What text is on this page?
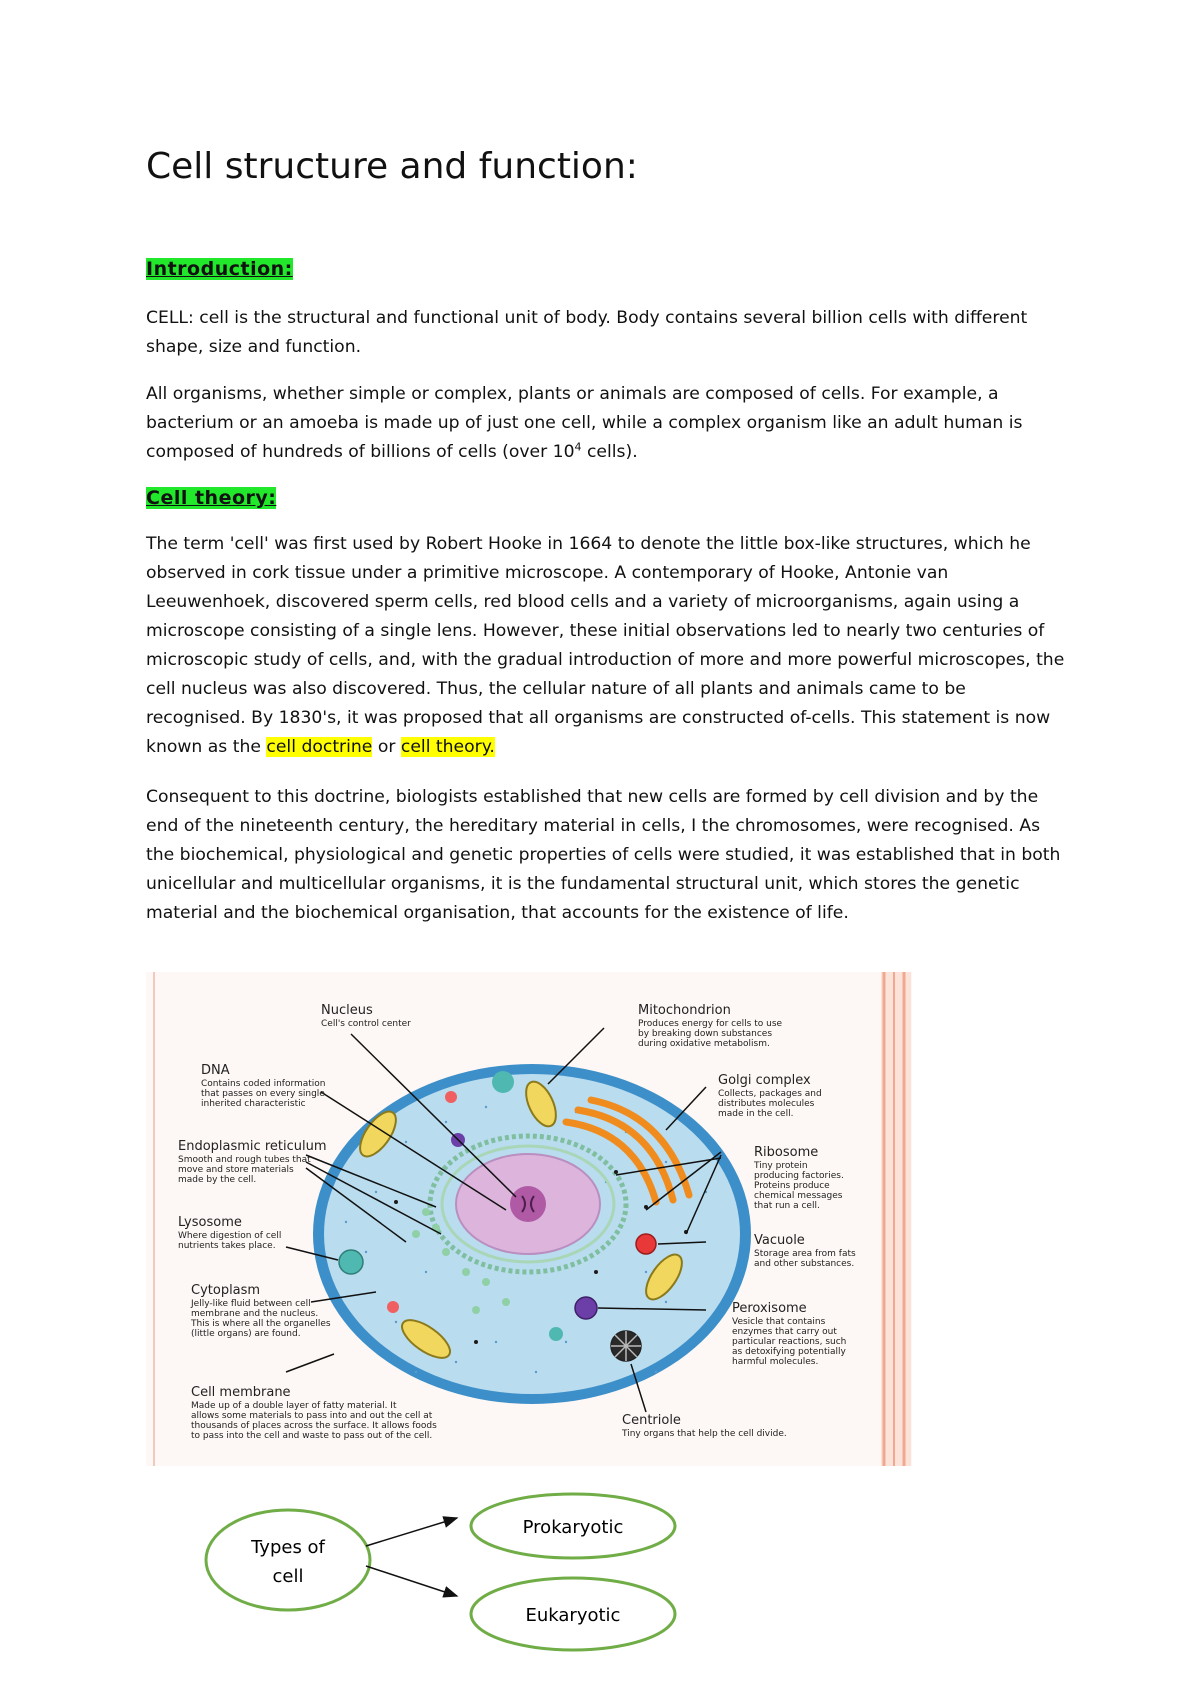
Cell structure and function:
Introduction:

CELL: cell is the structural and functional unit of body. Body contains several billion cells with different shape, size and function.

All organisms, whether simple or complex, plants or animals are composed of cells. For example, a bacterium or an amoeba is made up of just one cell, while a complex organism like an adult human is composed of hundreds of billions of cells (over $10^4$ cells).

Cell theory:

The term 'cell' was first used by Robert Hooke in 1664 to denote the little box-like structures, which he observed in cork tissue under a primitive microscope. A contemporary of Hooke, Antonie van Leeuwenhoek, discovered sperm cells, red blood cells and a variety of microorganisms, again using a microscope consisting of a single lens. However, these initial observations led to nearly two centuries of microscopic study of cells, and, with the gradual introduction of more and more powerful microscopes, the cell nucleus was also discovered. Thus, the cellular nature of all plants and animals came to be recognised. By 1830's, it was proposed that all organisms are constructed of-cells. This statement is now known as the cell doctrine or cell theory.

Consequent to this doctrine, biologists established that new cells are formed by cell division and by the end of the nineteenth century, the hereditary material in cells, I the chromosomes, were recognised. As the biochemical, physiological and genetic properties of cells were studied, it was established that in both unicellular and multicellular organisms, it is the fundamental structural unit, which stores the genetic material and the biochemical organisation, that accounts for the existence of life.

Nucleus
Cell's control center
DNA
Contains coded information
that passes on every single
inherited characteristic
Endoplasmic reticulum
Smooth and rough tubes that
move and store materials
made by the cell.
Lysosome
Where digestion of cell
nutrients takes place.
Cytoplasm
Jelly-like fluid between cell
membrane and the nucleus.
This is where all the organelles
(little organs) are found.
Cell membrane
Made up of a double layer of fatty material. It
allows some materials to pass into and out the cell at
thousands of places across the surface. It allows foods
to pass into the cell and waste to pass out of the cell.
Mitochondrion
Produces energy for cells to use
by breaking down substances
during oxidative metabolism.
Golgi complex
Collects, packages and
distributes molecules
made in the cell.
Ribosome
Tiny protein
producing factories.
Proteins produce
chemical messages
that run a cell.
Vacuole
Storage area from fats
and other substances.
Peroxisome
Vesicle that contains
enzymes that carry out
particular reactions, such
as detoxifying potentially
harmful molecules.
Centriole
Tiny organs that help the cell divide.
Types of
cell
Prokaryotic
Eukaryotic
